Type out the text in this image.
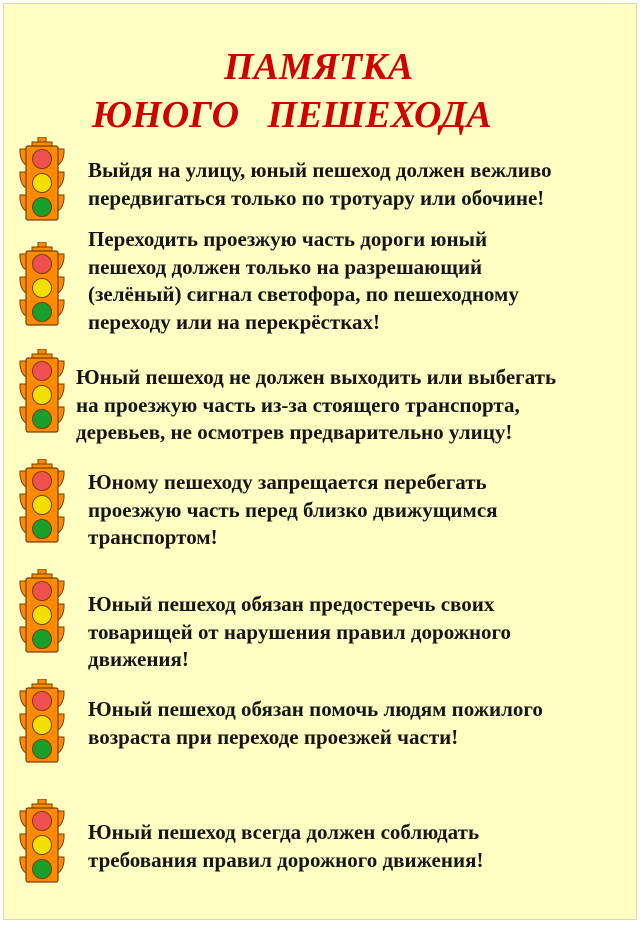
ПАМЯТКА
ЮНОГО   ПЕШЕХОДА
Выйдя на улицу, юный пешеход должен вежливо
передвигаться только по тротуару или обочине!
Переходить проезжую часть дороги юный
пешеход должен только на разрешающий
(зелёный) сигнал светофора, по пешеходному
переходу или на перекрёстках!
Юный пешеход не должен выходить или выбегать
на проезжую часть из-за стоящего транспорта,
деревьев, не осмотрев предварительно улицу!
Юному пешеходу запрещается перебегать
проезжую часть перед близко движущимся
транспортом!
Юный пешеход обязан предостеречь своих
товарищей от нарушения правил дорожного
движения!
Юный пешеход обязан помочь людям пожилого
возраста при переходе проезжей части!
Юный пешеход всегда должен соблюдать
требования правил дорожного движения!
